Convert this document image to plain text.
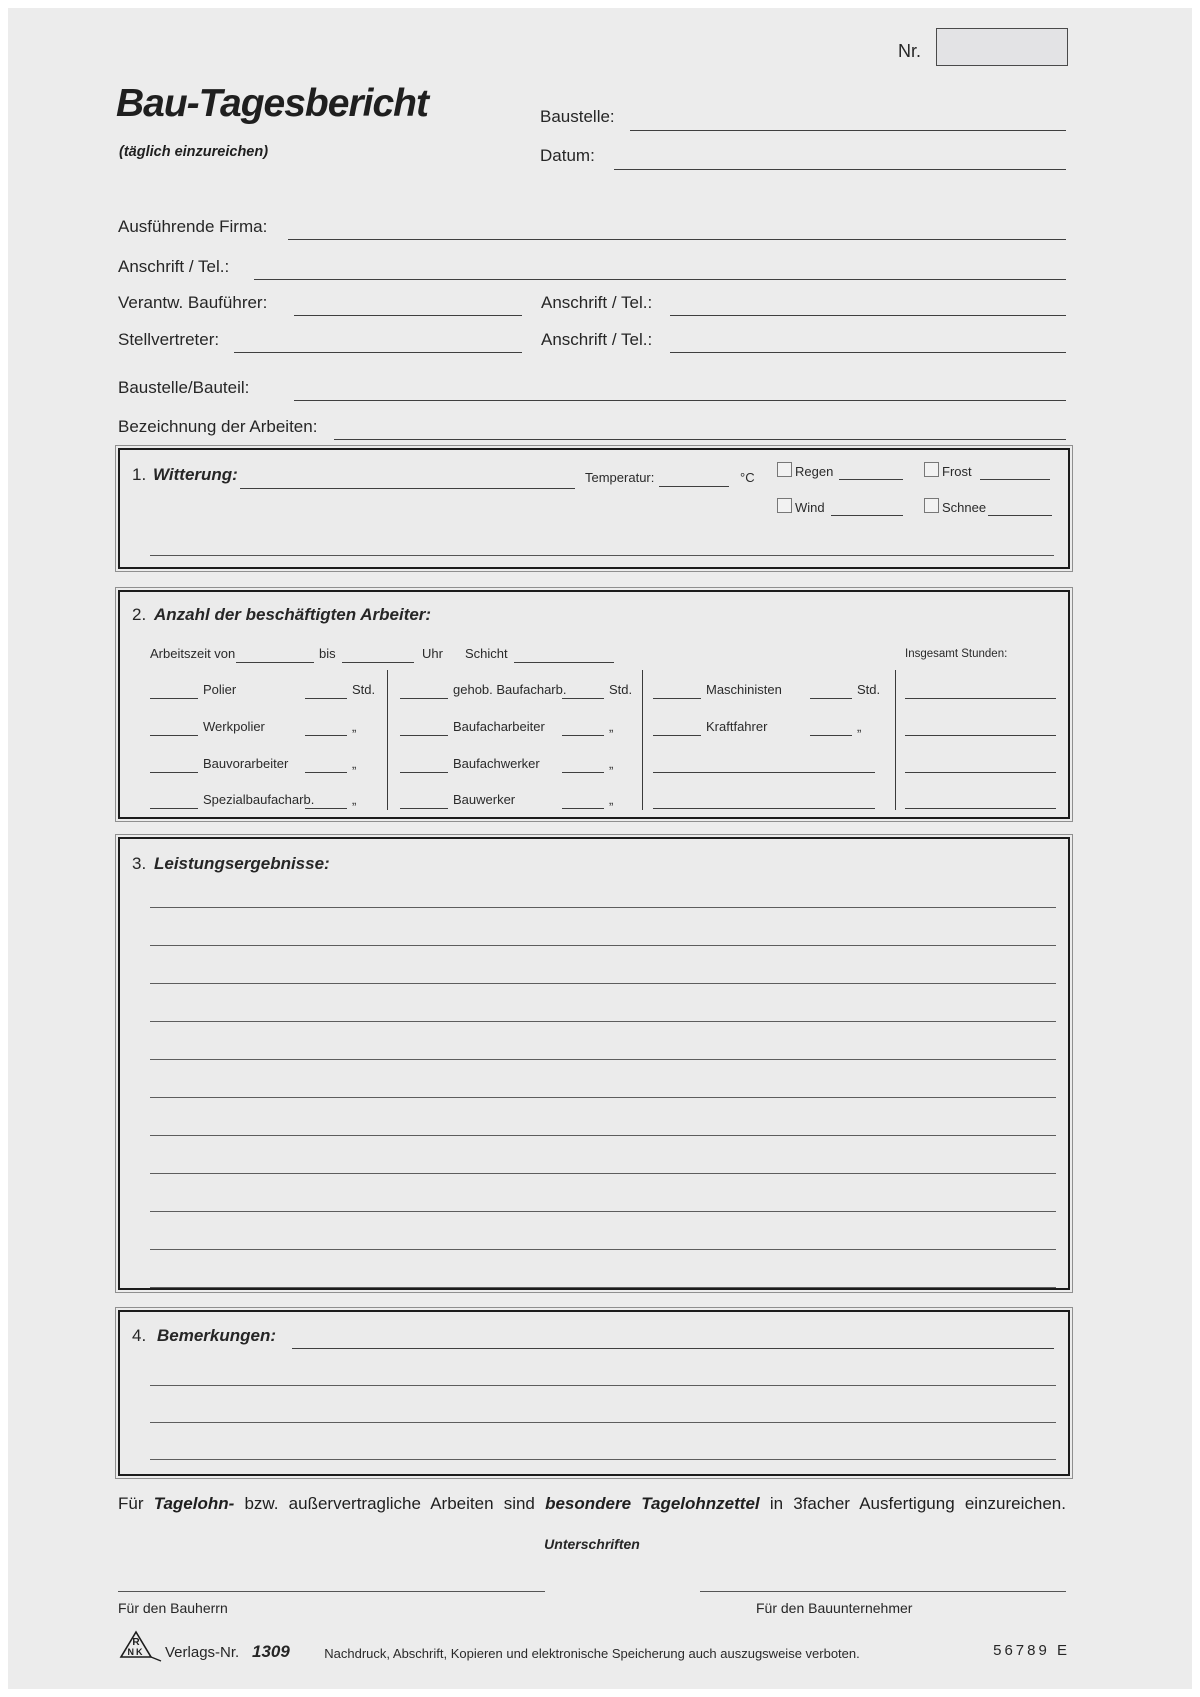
Nr.
Bau-Tagesbericht
(täglich einzureichen)
Baustelle:
Datum:
Ausführende Firma:
Anschrift / Tel.:
Verantw. Bauführer:	Anschrift / Tel.:
Stellvertreter:	Anschrift / Tel.:
Baustelle/Bauteil:
Bezeichnung der Arbeiten:
1. Witterung:	Temperatur:	°C	Regen	Frost
Wind	Schnee
2. Anzahl der beschäftigten Arbeiter:
Arbeitszeit von	bis	Uhr Schicht	Insgesamt Stunden:
Polier	Std.	gehob. Baufacharb.	Std.	Maschinisten	Std.
Werkpolier	„	Baufacharbeiter	„	Kraftfahrer	„
Bauvorarbeiter	„	Baufachwerker	„
Spezialbaufacharb.	„	Bauwerker	„
3. Leistungsergebnisse:
4. Bemerkungen:
Für Tagelohn- bzw. außervertragliche Arbeiten sind besondere Tagelohnzettel in 3facher Ausfertigung einzureichen.
Unterschriften
Für den Bauherrn	Für den Bauunternehmer
R
NK Verlags-Nr. 1309	Nachdruck, Abschrift, Kopieren und elektronische Speicherung auch auszugsweise verboten.	56789 E
